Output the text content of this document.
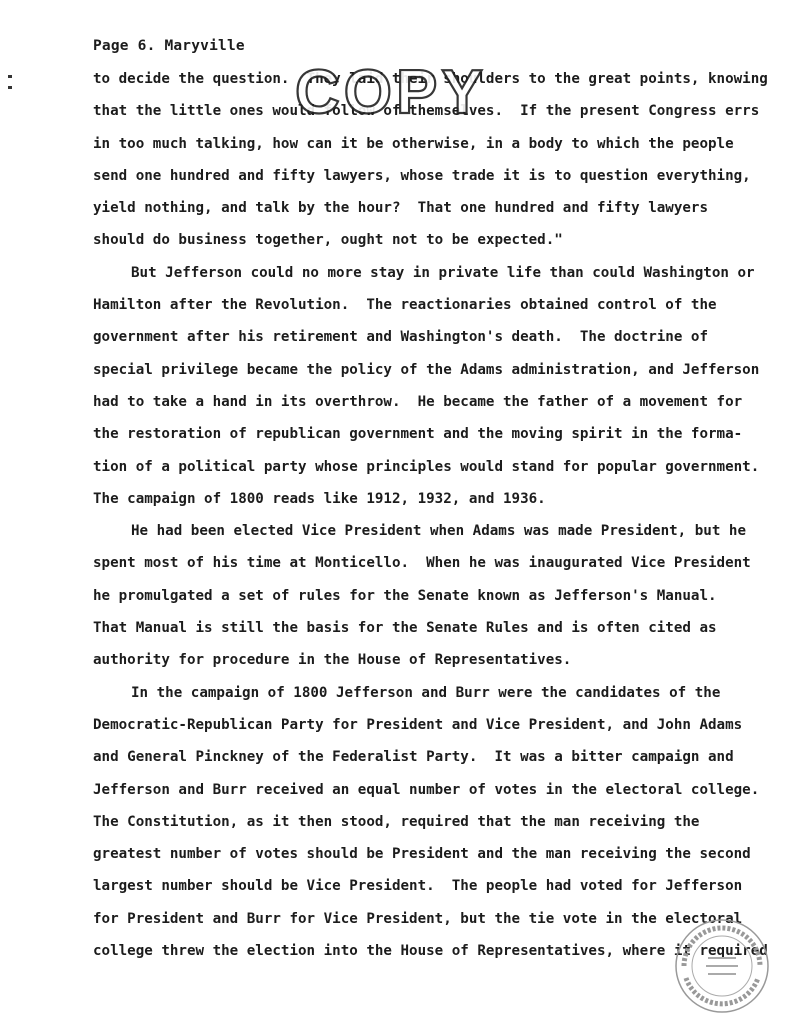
Page 6. Maryville

to decide the question.  They laid their shoulders to the great points, knowing
that the little ones would follow of themselves.  If the present Congress errs
in too much talking, how can it be otherwise, in a body to which the people
send one hundred and fifty lawyers, whose trade it is to question everything,
yield nothing, and talk by the hour?  That one hundred and fifty lawyers
should do business together, ought not to be expected."

But Jefferson could no more stay in private life than could Washington or
Hamilton after the Revolution.  The reactionaries obtained control of the
government after his retirement and Washington's death.  The doctrine of
special privilege became the policy of the Adams administration, and Jefferson
had to take a hand in its overthrow.  He became the father of a movement for
the restoration of republican government and the moving spirit in the forma-
tion of a political party whose principles would stand for popular government.
The campaign of 1800 reads like 1912, 1932, and 1936.

He had been elected Vice President when Adams was made President, but he
spent most of his time at Monticello.  When he was inaugurated Vice President
he promulgated a set of rules for the Senate known as Jefferson's Manual.
That Manual is still the basis for the Senate Rules and is often cited as
authority for procedure in the House of Representatives.

In the campaign of 1800 Jefferson and Burr were the candidates of the
Democratic-Republican Party for President and Vice President, and John Adams
and General Pinckney of the Federalist Party.  It was a bitter campaign and
Jefferson and Burr received an equal number of votes in the electoral college.
The Constitution, as it then stood, required that the man receiving the
greatest number of votes should be President and the man receiving the second
largest number should be Vice President.  The people had voted for Jefferson
for President and Burr for Vice President, but the tie vote in the electoral
college threw the election into the House of Representatives, where it required

COPY
